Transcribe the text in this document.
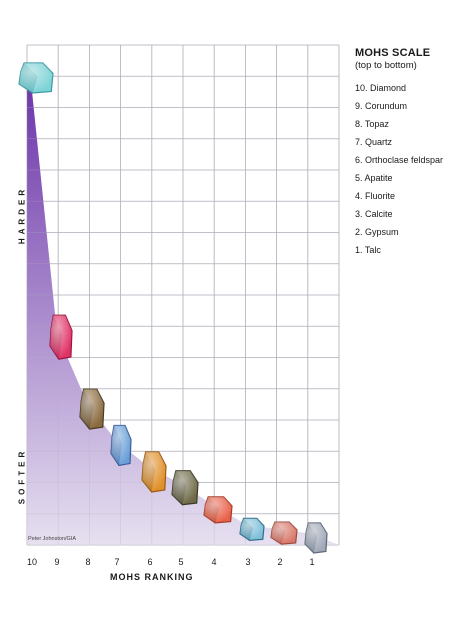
10 9	8	7	6	5	4	3	2	1
HARDER
SOFTER
Peter Johnston/GIA
MOHS RANKING
MOHS SCALE
(top to bottom)
10. Diamond
9. Corundum
8. Topaz
7. Quartz
6. Orthoclase feldspar
5. Apatite
4. Fluorite
3. Calcite
2. Gypsum
1. Talc
